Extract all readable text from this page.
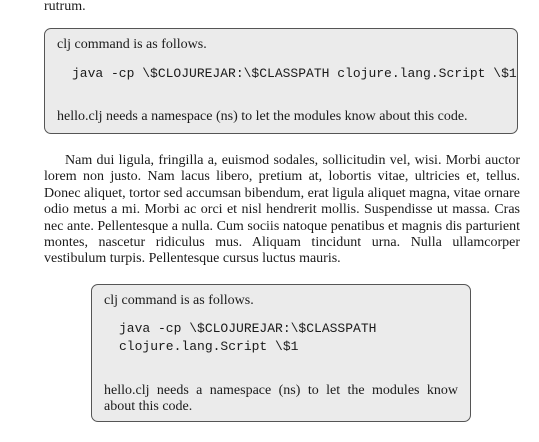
rutrum.

clj command is as follows.

java -cp \$CLOJUREJAR:\$CLASSPATH clojure.lang.Script \$1

hello.clj needs a namespace (ns) to let the modules know about this code.

Nam dui ligula, fringilla a, euismod sodales, sollicitudin vel, wisi. Morbi auctor lorem non justo. Nam lacus libero, pretium at, lobortis vitae, ultricies et, tellus. Donec aliquet, tortor sed accumsan bibendum, erat ligula aliquet magna, vitae ornare odio metus a mi. Morbi ac orci et nisl hendrerit mollis. Suspendisse ut massa. Cras nec ante. Pellentesque a nulla. Cum sociis natoque penatibus et magnis dis parturient montes, nascetur ridiculus mus. Aliquam tincidunt urna. Nulla ullamcorper vestibulum turpis. Pellentesque cursus luctus mauris.

clj command is as follows.

java -cp \$CLOJUREJAR:\$CLASSPATH
clojure.lang.Script \$1

hello.clj needs a namespace (ns) to let the modules know
about this code.
